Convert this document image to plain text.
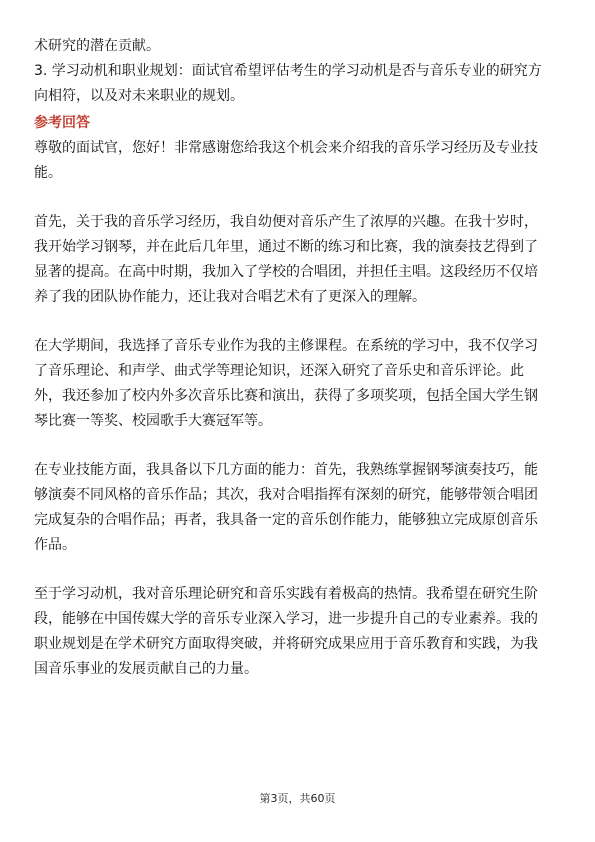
术研究的潜在贡献。

3. 学习动机和职业规划：面试官希望评估考生的学习动机是否与音乐专业的研究方

向相符，以及对未来职业的规划。

参考回答

尊敬的面试官，您好！非常感谢您给我这个机会来介绍我的音乐学习经历及专业技

能。

首先，关于我的音乐学习经历，我自幼便对音乐产生了浓厚的兴趣。在我十岁时，

我开始学习钢琴，并在此后几年里，通过不断的练习和比赛，我的演奏技艺得到了

显著的提高。在高中时期，我加入了学校的合唱团，并担任主唱。这段经历不仅培

养了我的团队协作能力，还让我对合唱艺术有了更深入的理解。

在大学期间，我选择了音乐专业作为我的主修课程。在系统的学习中，我不仅学习

了音乐理论、和声学、曲式学等理论知识，还深入研究了音乐史和音乐评论。此

外，我还参加了校内外多次音乐比赛和演出，获得了多项奖项，包括全国大学生钢

琴比赛一等奖、校园歌手大赛冠军等。

在专业技能方面，我具备以下几方面的能力：首先，我熟练掌握钢琴演奏技巧，能

够演奏不同风格的音乐作品；其次，我对合唱指挥有深刻的研究，能够带领合唱团

完成复杂的合唱作品；再者，我具备一定的音乐创作能力，能够独立完成原创音乐

作品。

至于学习动机，我对音乐理论研究和音乐实践有着极高的热情。我希望在研究生阶

段，能够在中国传媒大学的音乐专业深入学习，进一步提升自己的专业素养。我的

职业规划是在学术研究方面取得突破，并将研究成果应用于音乐教育和实践，为我

国音乐事业的发展贡献自己的力量。

第3页，共60页
